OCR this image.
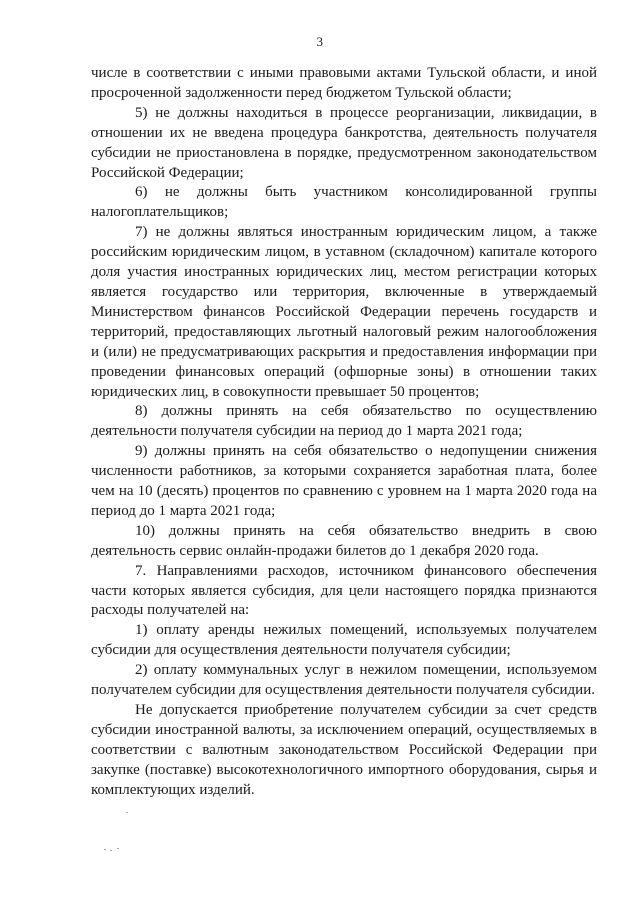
3

числе в соответствии с иными правовыми актами Тульской области, и иной просроченной задолженности перед бюджетом Тульской области;

5) не должны находиться в процессе реорганизации, ликвидации, в отношении их не введена процедура банкротства, деятельность получателя субсидии не приостановлена в порядке, предусмотренном законодательством Российской Федерации;

6) не должны быть участником консолидированной группы налогоплательщиков;

7) не должны являться иностранным юридическим лицом, а также российским юридическим лицом, в уставном (складочном) капитале которого доля участия иностранных юридических лиц, местом регистрации которых является государство или территория, включенные в утверждаемый Министерством финансов Российской Федерации перечень государств и территорий, предоставляющих льготный налоговый режим налогообложения и (или) не предусматривающих раскрытия и предоставления информации при проведении финансовых операций (офшорные зоны) в отношении таких юридических лиц, в совокупности превышает 50 процентов;

8) должны принять на себя обязательство по осуществлению деятельности получателя субсидии на период до 1 марта 2021 года;

9) должны принять на себя обязательство о недопущении снижения численности работников, за которыми сохраняется заработная плата, более чем на 10 (десять) процентов по сравнению с уровнем на 1 марта 2020 года на период до 1 марта 2021 года;

10) должны принять на себя обязательство внедрить в свою деятельность сервис онлайн-продажи билетов до 1 декабря 2020 года.

7. Направлениями расходов, источником финансового обеспечения части которых является субсидия, для цели настоящего порядка признаются расходы получателей на:

1) оплату аренды нежилых помещений, используемых получателем субсидии для осуществления деятельности получателя субсидии;

2) оплату коммунальных услуг в нежилом помещении, используемом получателем субсидии для осуществления деятельности получателя субсидии.

Не допускается приобретение получателем субсидии за счет средств субсидии иностранной валюты, за исключением операций, осуществляемых в соответствии с валютным законодательством Российской Федерации при закупке (поставке) высокотехнологичного импортного оборудования, сырья и комплектующих изделий.
